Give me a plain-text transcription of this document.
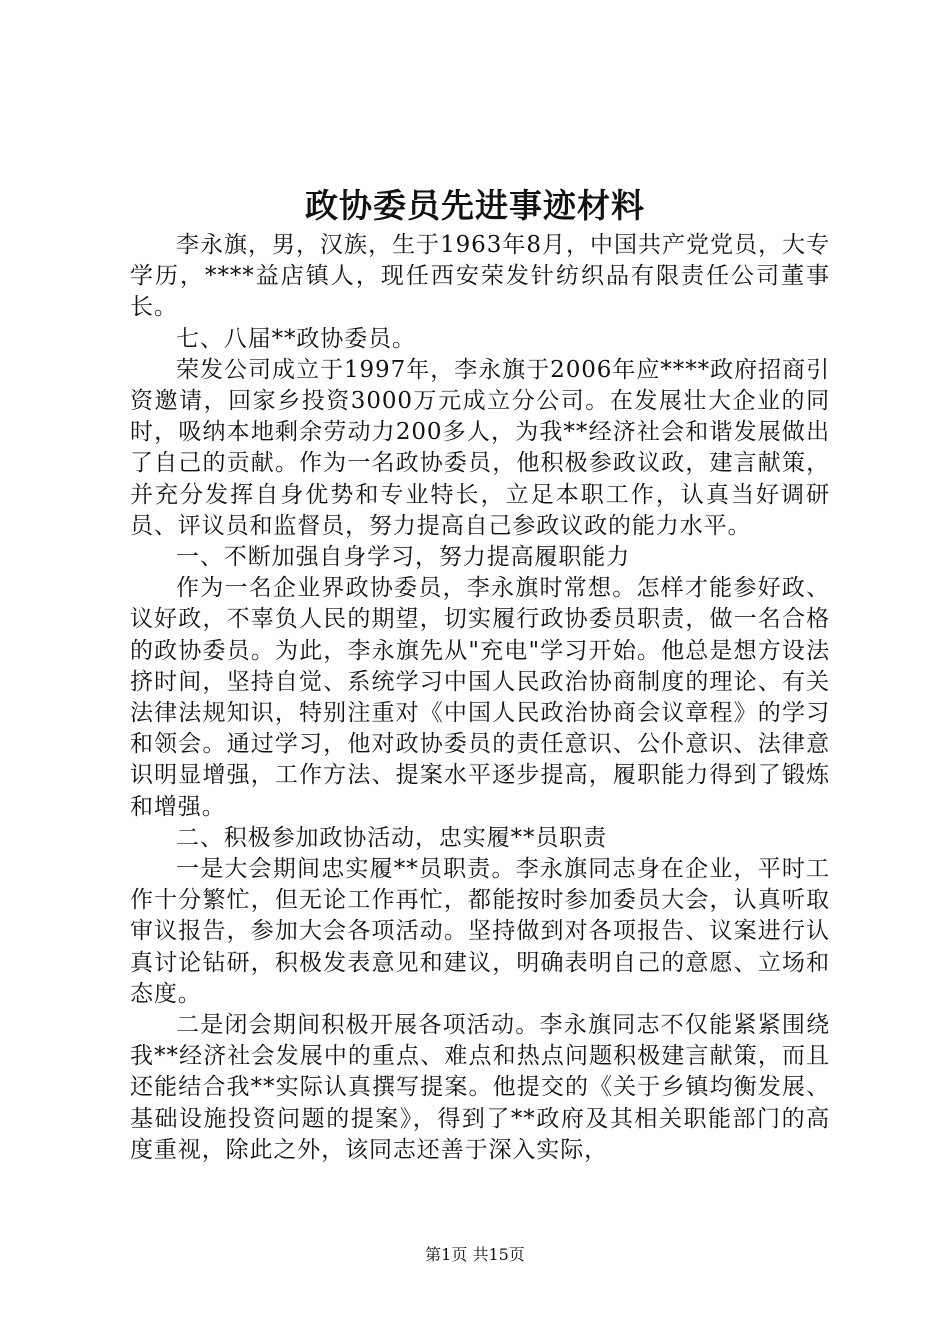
政协委员先进事迹材料

李永旗，男，汉族，生于1963年8月，中国共产党党员，大专学历，****益店镇人，现任西安荣发针纺织品有限责任公司董事长。

七、八届**政协委员。

荣发公司成立于1997年，李永旗于2006年应****政府招商引资邀请，回家乡投资3000万元成立分公司。在发展壮大企业的同时，吸纳本地剩余劳动力200多人，为我**经济社会和谐发展做出了自己的贡献。作为一名政协委员，他积极参政议政，建言献策，并充分发挥自身优势和专业特长，立足本职工作，认真当好调研员、评议员和监督员，努力提高自己参政议政的能力水平。

一、不断加强自身学习，努力提高履职能力

作为一名企业界政协委员，李永旗时常想。怎样才能参好政、议好政，不辜负人民的期望，切实履行政协委员职责，做一名合格的政协委员。为此，李永旗先从"充电"学习开始。他总是想方设法挤时间，坚持自觉、系统学习中国人民政治协商制度的理论、有关法律法规知识，特别注重对《中国人民政治协商会议章程》的学习和领会。通过学习，他对政协委员的责任意识、公仆意识、法律意识明显增强，工作方法、提案水平逐步提高，履职能力得到了锻炼和增强。

二、积极参加政协活动，忠实履**员职责

一是大会期间忠实履**员职责。李永旗同志身在企业，平时工作十分繁忙，但无论工作再忙，都能按时参加委员大会，认真听取审议报告，参加大会各项活动。坚持做到对各项报告、议案进行认真讨论钻研，积极发表意见和建议，明确表明自己的意愿、立场和态度。

二是闭会期间积极开展各项活动。李永旗同志不仅能紧紧围绕我**经济社会发展中的重点、难点和热点问题积极建言献策，而且还能结合我**实际认真撰写提案。他提交的《关于乡镇均衡发展、基础设施投资问题的提案》，得到了**政府及其相关职能部门的高度重视，除此之外，该同志还善于深入实际，

第1页 共15页
